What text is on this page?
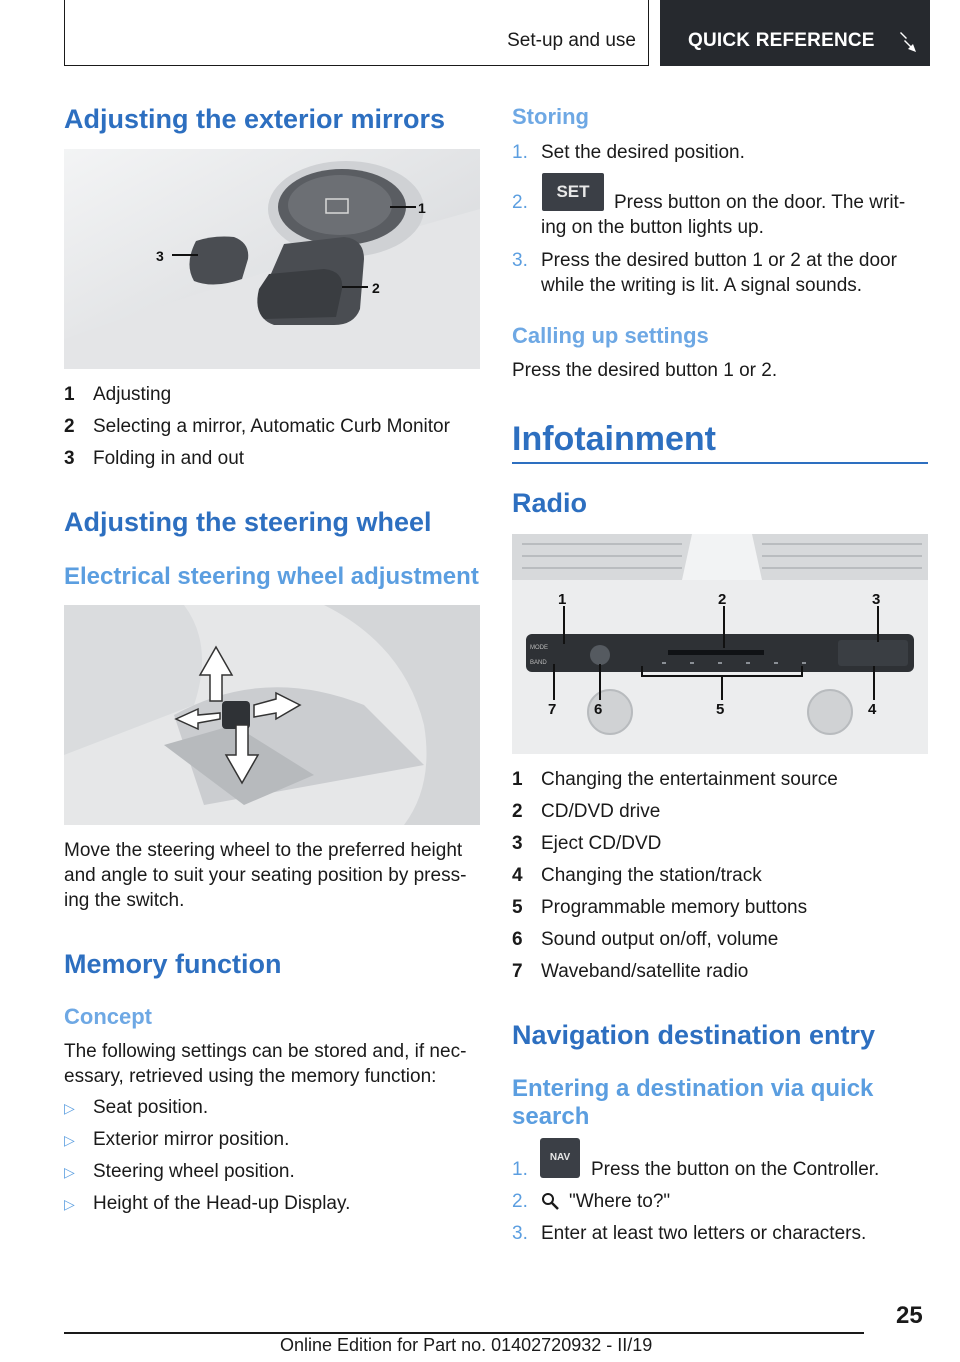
Set-up and use	QUICK REFERENCE
Adjusting the exterior mirrors
1
2
3
1 Adjusting
2 Selecting a mirror, Automatic Curb Monitor
3 Folding in and out
Adjusting the steering wheel
Electrical steering wheel adjustment
Move the steering wheel to the preferred height
and angle to suit your seating position by press‐
ing the switch.
Memory function
Concept
The following settings can be stored and, if nec‐
essary, retrieved using the memory function:
▷ Seat position.
▷ Exterior mirror position.
▷ Steering wheel position.
▷ Height of the Head-up Display.
Storing
1. Set the desired position.
2.
SET
Press button on the door. The writ‐
ing on the button lights up.
3. Press the desired button 1 or 2 at the door
while the writing is lit. A signal sounds.
Calling up settings
Press the desired button 1 or 2.
Infotainment
Radio
MODE
BAND
1	2	3
7	6	5	4
1 Changing the entertainment source
2 CD/DVD drive
3 Eject CD/DVD
4 Changing the station/track
5 Programmable memory buttons
6 Sound output on/off, volume
7 Waveband/satellite radio
Navigation destination entry
Entering a destination via quick
search
1.
NAV
Press the button on the Controller.
2. "Where to?"
3. Enter at least two letters or characters.
25
Online Edition for Part no. 01402720932 - II/19
